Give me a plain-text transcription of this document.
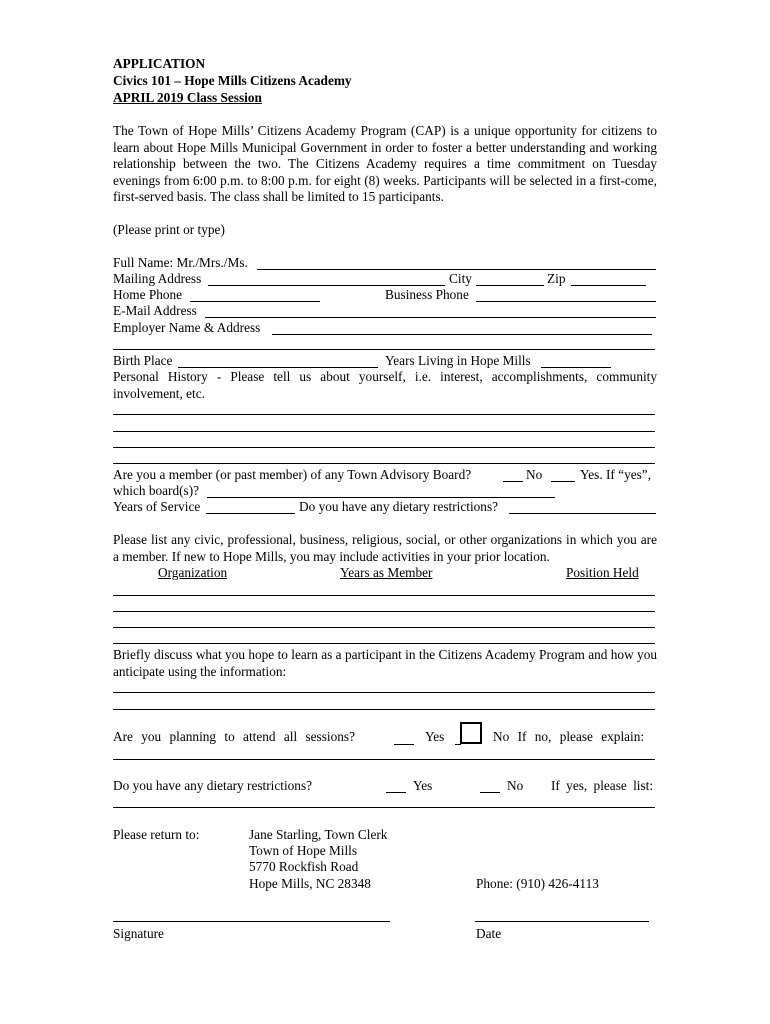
APPLICATION
Civics 101 – Hope Mills Citizens Academy
APRIL 2019 Class Session
The Town of Hope Mills’ Citizens Academy Program (CAP) is a unique opportunity for citizens to learn about Hope Mills Municipal Government in order to foster a better understanding and working relationship between the two. The Citizens Academy requires a time commitment on Tuesday evenings from 6:00 p.m. to 8:00 p.m. for eight (8) weeks. Participants will be selected in a first-come, first-served basis. The class shall be limited to 15 participants.
(Please print or type)
Full Name: Mr./Mrs./Ms.
Mailing Address	City	Zip
Home Phone	Business Phone
E-Mail Address
Employer Name & Address
Birth Place	Years Living in Hope Mills
Personal History - Please tell us about yourself, i.e. interest, accomplishments, community involvement, etc.
Are you a member (or past member) of any Town Advisory Board?	No	Yes. If “yes”,
which board(s)?
Years of Service	Do you have any dietary restrictions?
Please list any civic, professional, business, religious, social, or other organizations in which you are a member. If new to Hope Mills, you may include activities in your prior location.
Organization	Years as Member	Position Held
Briefly discuss what you hope to learn as a participant in the Citizens Academy Program and how you anticipate using the information:
Are you planning to attend all sessions?	Yes	No If no, please explain:
Do you have any dietary restrictions?	Yes	No If yes, please list:
Please return to:	Jane Starling, Town Clerk
Town of Hope Mills
5770 Rockfish Road
Hope Mills, NC 28348	Phone: (910) 426-4113
Signature	Date
